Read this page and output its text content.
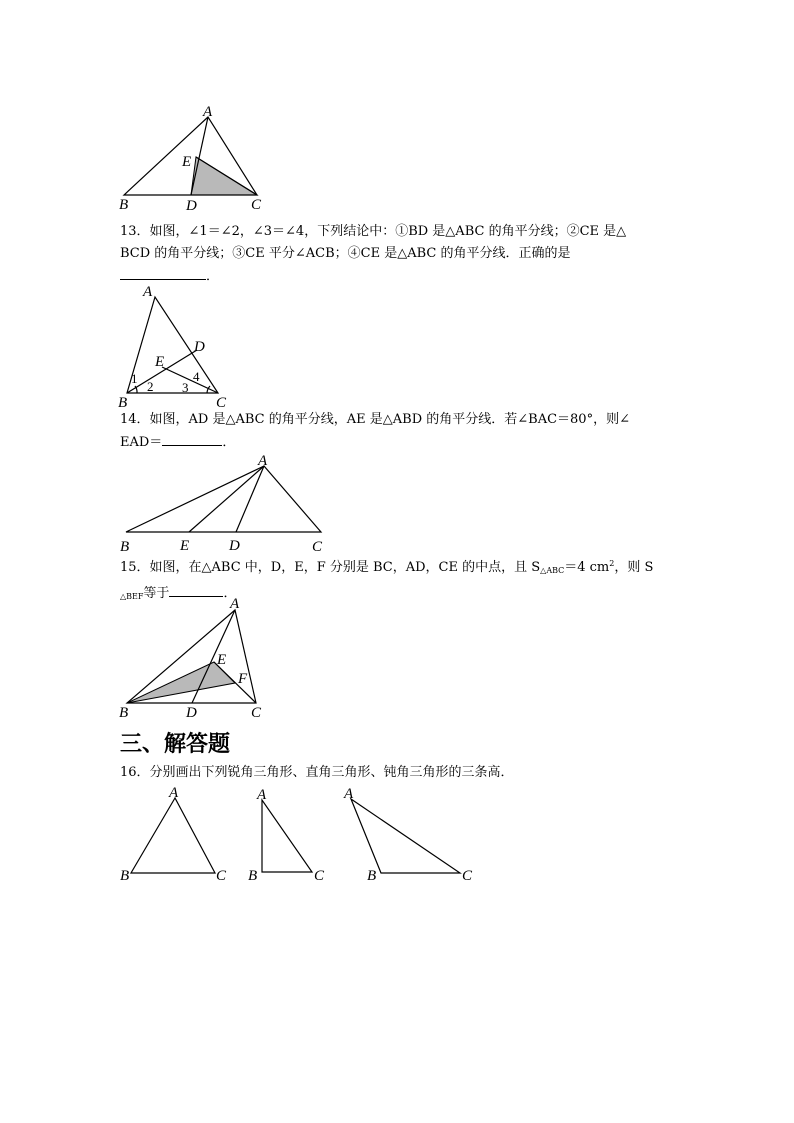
A
E
B	D	C
13．如图，∠1＝∠2，∠3＝∠4，下列结论中：①BD 是△ABC 的角平分线；②CE 是△
BCD 的角平分线；③CE 平分∠ACB；④CE 是△ABC 的角平分线．正确的是
．
A
D
E
1
2 3
4
B	C
14．如图，AD 是△ABC 的角平分线，AE 是△ABD 的角平分线．若∠BAC＝80°，则∠
EAD＝	．
A
B	E	D	C
15．如图，在△ABC 中，D，E，F 分别是 BC，AD，CE 的中点，且 $S_{\triangle ABC}=4$ $cm^2$，则 S
$_{\triangle BEF}$等于	．
A
E
F
B	D	C
三、解答题
16．分别画出下列锐角三角形、直角三角形、钝角三角形的三条高．
A
B	C
A
B	C
A
B	C
